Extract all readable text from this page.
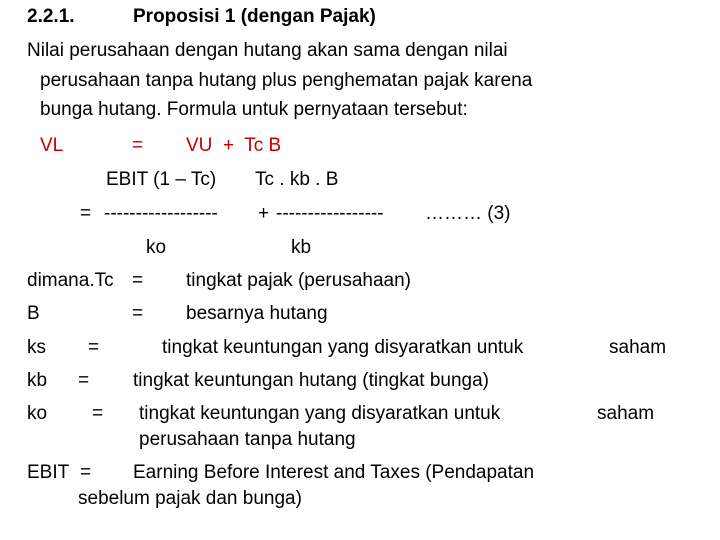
2.2.1.	Proposisi 1 (dengan Pajak)
Nilai perusahaan dengan hutang akan sama dengan nilai
perusahaan tanpa hutang plus penghematan pajak karena
bunga hutang. Formula untuk pernyataan tersebut:
VL	= VU  +  Tc B
EBIT (1 – Tc) Tc . kb . B
= ------------------ + ----------------- ……… (3)
ko	kb
dimana.Tc = tingkat pajak (perusahaan)
B	= besarnya hutang
ks =	tingkat keuntungan yang disyaratkan untuk	saham
kb = tingkat keuntungan hutang (tingkat bunga)
ko = tingkat keuntungan yang disyaratkan untuk	saham
perusahaan tanpa hutang
EBIT = Earning Before Interest and Taxes (Pendapatan
sebelum pajak dan bunga)
